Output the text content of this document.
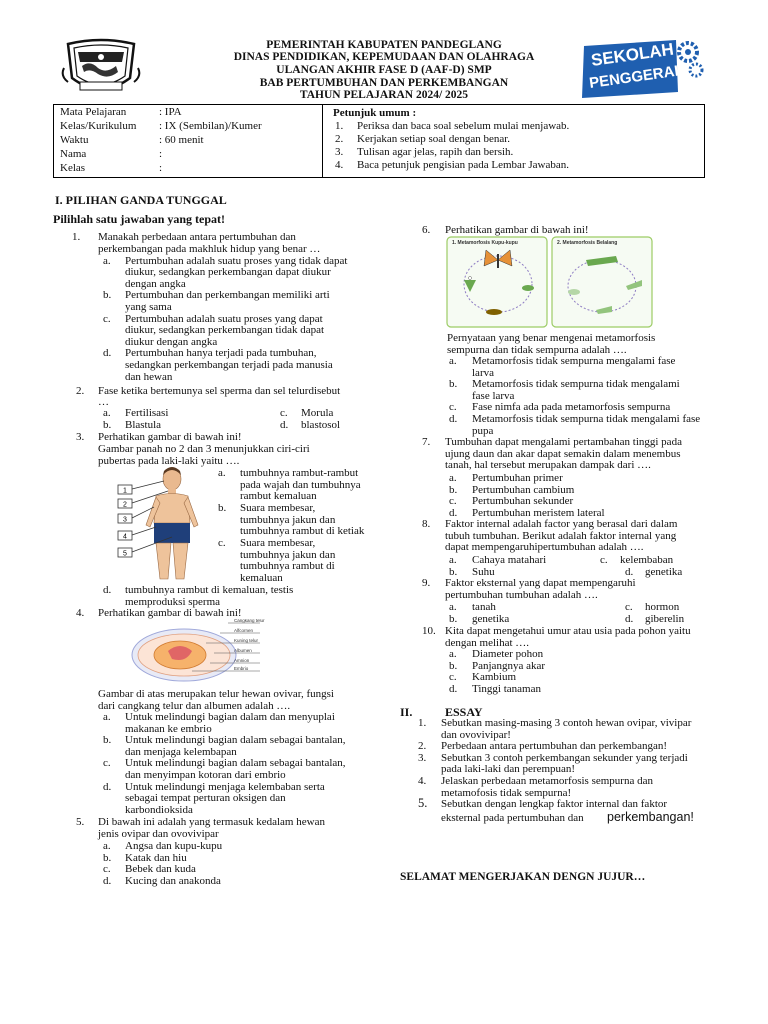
PEMERINTAH KABUPATEN PANDEGLANG
DINAS PENDIDIKAN, KEPEMUDAAN DAN OLAHRAGA
ULANGAN AKHIR FASE D (AAF-D) SMP
BAB PERTUMBUHAN DAN PERKEMBANGAN
TAHUN PELAJARAN 2024/ 2025
SEKOLAH
PENGGERAK
Mata Pelajaran	: IPA
Kelas/Kurikulum : IX (Sembilan)/Kumer
Waktu	: 60 menit
Nama	:
Kelas	:
Petunjuk umum :
1. Periksa dan baca soal sebelum mulai menjawab.
2. Kerjakan setiap soal dengan benar.
3. Tulisan agar jelas, rapih dan bersih.
4. Baca petunjuk pengisian pada Lembar Jawaban.
I. PILIHAN GANDA TUNGGAL
Pilihlah satu jawaban yang tepat!
1. Manakah perbedaan antara pertumbuhan dan
perkembangan pada makhluk hidup yang benar …
a. Pertumbuhan adalah suatu proses yang tidak dapat
diukur, sedangkan perkembangan dapat diukur
dengan angka
b. Pertumbuhan dan perkembangan memiliki arti
yang sama
c. Pertumbuhan adalah suatu proses yang dapat
diukur, sedangkan perkembangan tidak dapat
diukur dengan angka
d. Pertumbuhan hanya terjadi pada tumbuhan,
sedangkan perkembangan terjadi pada manusia
dan hewan
2. Fase ketika bertemunya sel sperma dan sel telurdisebut
…
a. Fertilisasi	c. Morula
b. Blastula	d. blastosol
3. Perhatikan gambar di bawah ini!
Gambar panah no 2 dan 3 menunjukkan ciri-ciri
pubertas pada laki-laki yaitu ….
1
2
3
4
5
a. tumbuhnya rambut-rambut
pada wajah dan tumbuhnya
rambut kemaluan
b. Suara membesar,
tumbuhnya jakun dan
tumbuhnya rambut di ketiak
c. Suara membesar,
tumbuhnya jakun dan
tumbuhnya rambut di
kemaluan
d. tumbuhnya rambut di kemaluan, testis
memproduksi sperma
4. Perhatikan gambar di bawah ini!
Cangkang telur
Alfcornen
Kuning telur
Albumen
Amnion
Embrio
Gambar di atas merupakan telur hewan ovivar, fungsi
dari cangkang telur dan albumen adalah ….
a. Untuk melindungi bagian dalam dan menyuplai
makanan ke embrio
b. Untuk melindungi bagian dalam sebagai bantalan,
dan menjaga kelembapan
c. Untuk melindungi bagian dalam sebagai bantalan,
dan menyimpan kotoran dari embrio
d. Untuk melindungi menjaga kelembaban serta
sebagai tempat perturan oksigen dan
karbondioksida
5. Di bawah ini adalah yang termasuk kedalam hewan
jenis ovipar dan ovovivipar
a. Angsa dan kupu-kupu
b. Katak dan hiu
c. Bebek dan kuda
d. Kucing dan anakonda
6. Perhatikan gambar di bawah ini!
1. Metamorfosis Kupu-kupu	2. Metamorfosis Belalang
Pernyataan yang benar mengenai metamorfosis
sempurna dan tidak sempurna adalah ….
a. Metamorfosis tidak sempurna mengalami fase
larva
b. Metamorfosis tidak sempurna tidak mengalami
fase larva
c. Fase nimfa ada pada metamorfosis sempurna
d. Metamorfosis tidak sempurna tidak mengalami fase
pupa
7. Tumbuhan dapat mengalami pertambahan tinggi pada
ujung daun dan akar dapat semakin dalam menembus
tanah, hal tersebut merupakan dampak dari ….
a. Pertumbuhan primer
b. Pertumbuhan cambium
c. Pertumbuhan sekunder
d. Pertumbuhan meristem lateral
8. Faktor internal adalah factor yang berasal dari dalam
tubuh tumbuhan. Berikut adalah faktor internal yang
dapat mempengaruhipertumbuhan adalah ….
a. Cahaya matahari	c. kelembaban
b. Suhu	d. genetika
9. Faktor eksternal yang dapat mempengaruhi
pertumbuhan tumbuhan adalah ….
a. tanah	c. hormon
b. genetika	d. giberelin
10. Kita dapat mengetahui umur atau usia pada pohon yaitu
dengan melihat ….
a. Diameter pohon
b. Panjangnya akar
c. Kambium
d. Tinggi tanaman
II.	ESSAY
1. Sebutkan masing-masing 3 contoh hewan ovipar, vivipar
dan ovovivipar!
2. Perbedaan antara pertumbuhan dan perkembangan!
3. Sebutkan 3 contoh perkembangan sekunder yang terjadi
pada laki-laki dan perempuan!
4. Jelaskan perbedaan metamorfosis sempurna dan
metamofosis tidak sempurna!
5. Sebutkan dengan lengkap faktor internal dan faktor
eksternal pada pertumbuhan dan perkembangan!
SELAMAT MENGERJAKAN DENGN JUJUR…
